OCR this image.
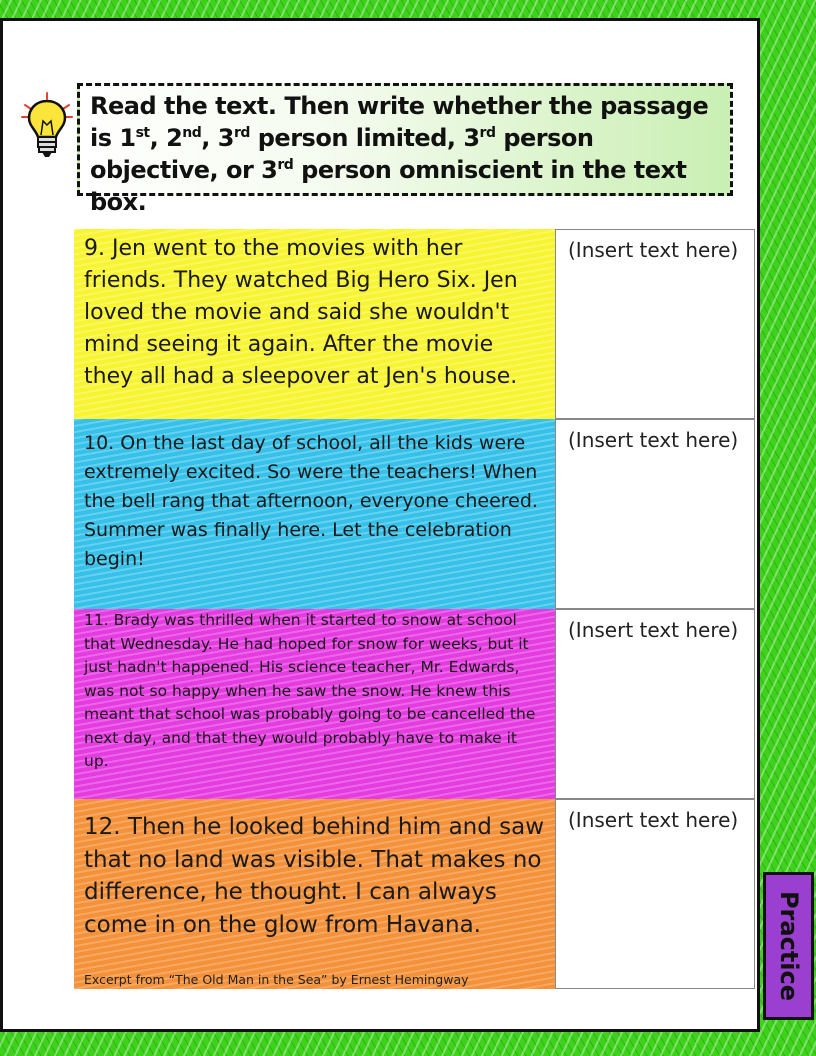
Read the text. Then write whether the passage is 1st, 2nd, 3rd person limited, 3rd person objective, or 3rd person omniscient in the text box.
9. Jen went to the movies with her friends. They watched Big Hero Six. Jen loved the movie and said she wouldn't mind seeing it again. After the movie they all had a sleepover at Jen's house.
(Insert text here)
10. On the last day of school, all the kids were extremely excited. So were the teachers! When the bell rang that afternoon, everyone cheered. Summer was finally here. Let the celebration begin!
(Insert text here)
11. Brady was thrilled when it started to snow at school that Wednesday. He had hoped for snow for weeks, but it just hadn't happened. His science teacher, Mr. Edwards, was not so happy when he saw the snow. He knew this meant that school was probably going to be cancelled the next day, and that they would probably have to make it up.
(Insert text here)
12. Then he looked behind him and saw that no land was visible. That makes no difference, he thought. I can always come in on the glow from Havana.
Excerpt from “The Old Man in the Sea” by Ernest Hemingway
(Insert text here)
Practice
